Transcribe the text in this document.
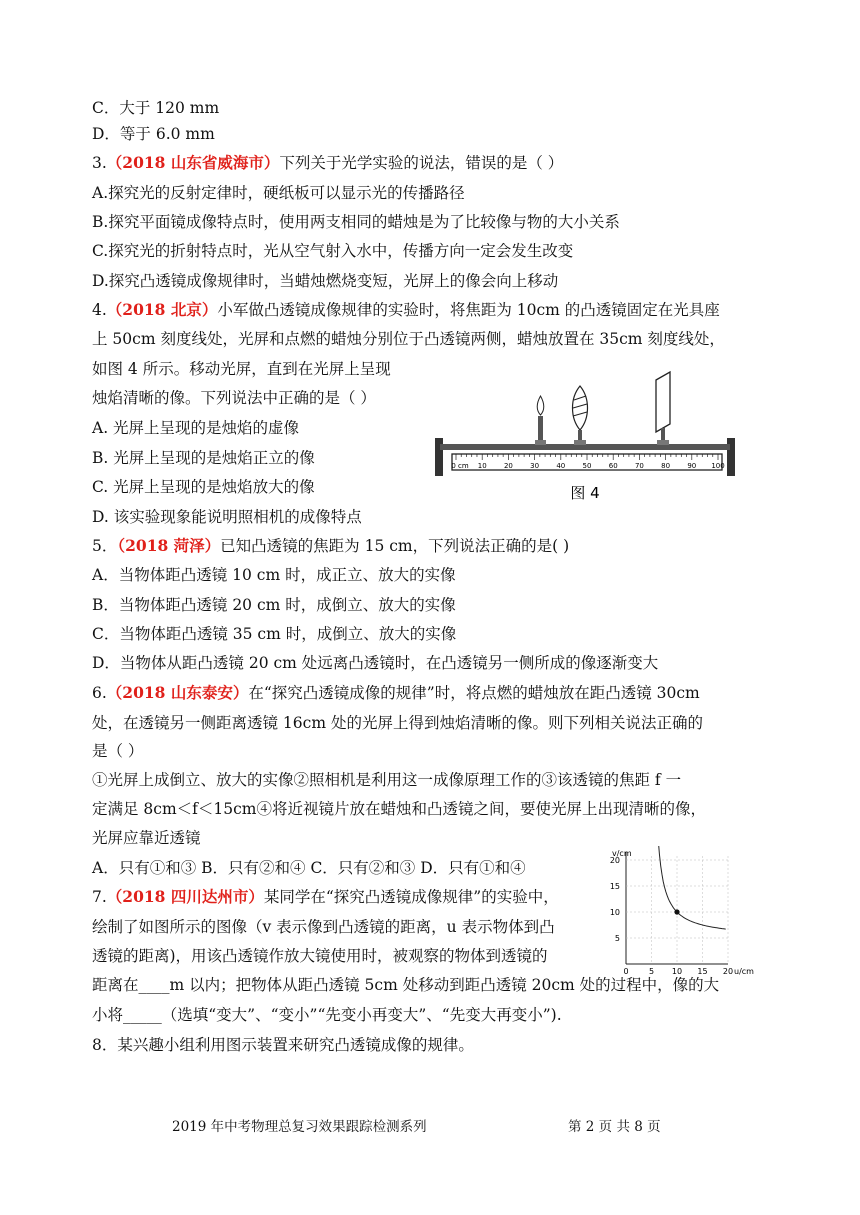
C．大于 120 mm
D．等于 6.0 mm
3.（2018 山东省威海市）下列关于光学实验的说法，错误的是（ ）
A.探究光的反射定律时，硬纸板可以显示光的传播路径
B.探究平面镜成像特点时，使用两支相同的蜡烛是为了比较像与物的大小关系
C.探究光的折射特点时，光从空气射入水中，传播方向一定会发生改变
D.探究凸透镜成像规律时，当蜡烛燃烧变短，光屏上的像会向上移动
4.（2018 北京）小军做凸透镜成像规律的实验时，将焦距为 10cm 的凸透镜固定在光具座
上 50cm 刻度线处，光屏和点燃的蜡烛分别位于凸透镜两侧，蜡烛放置在 35cm 刻度线处，
如图 4 所示。移动光屏，直到在光屏上呈现
烛焰清晰的像。下列说法中正确的是（ ）
A. 光屏上呈现的是烛焰的虚像
B. 光屏上呈现的是烛焰正立的像
C. 光屏上呈现的是烛焰放大的像
D. 该实验现象能说明照相机的成像特点
5．（2018 菏泽）已知凸透镜的焦距为 15 cm，下列说法正确的是( )
A．当物体距凸透镜 10 cm 时，成正立、放大的实像
B．当物体距凸透镜 20 cm 时，成倒立、放大的实像
C．当物体距凸透镜 35 cm 时，成倒立、放大的实像
D．当物体从距凸透镜 20 cm 处远离凸透镜时，在凸透镜另一侧所成的像逐渐变大
6.（2018 山东泰安）在“探究凸透镜成像的规律”时，将点燃的蜡烛放在距凸透镜 30cm
处，在透镜另一侧距离透镜 16cm 处的光屏上得到烛焰清晰的像。则下列相关说法正确的
是（ ）
①光屏上成倒立、放大的实像②照相机是利用这一成像原理工作的③该透镜的焦距 f 一
定满足 8cm＜f＜15cm④将近视镜片放在蜡烛和凸透镜之间，要使光屏上出现清晰的像，
光屏应靠近透镜
A．只有①和③ B．只有②和④ C．只有②和③ D．只有①和④
7.（2018 四川达州市）某同学在“探究凸透镜成像规律”的实验中，
绘制了如图所示的图像（v 表示像到凸透镜的距离，u 表示物体到凸
透镜的距离)，用该凸透镜作放大镜使用时，被观察的物体到透镜的
距离在____m 以内；把物体从距凸透镜 5cm 处移动到距凸透镜 20cm 处的过程中，像的大
小将_____（选填“变大”、“变小”“先变小再变大”、“先变大再变小”).
8．某兴趣小组利用图示装置来研究凸透镜成像的规律。
0 cm 10 20 30 40 50 60 70 80 90 100
图 4
v/cm
u/cm
20
15
10
5
0	5 10 15 20
2019 年中考物理总复习效果跟踪检测系列	第 2 页 共 8 页
